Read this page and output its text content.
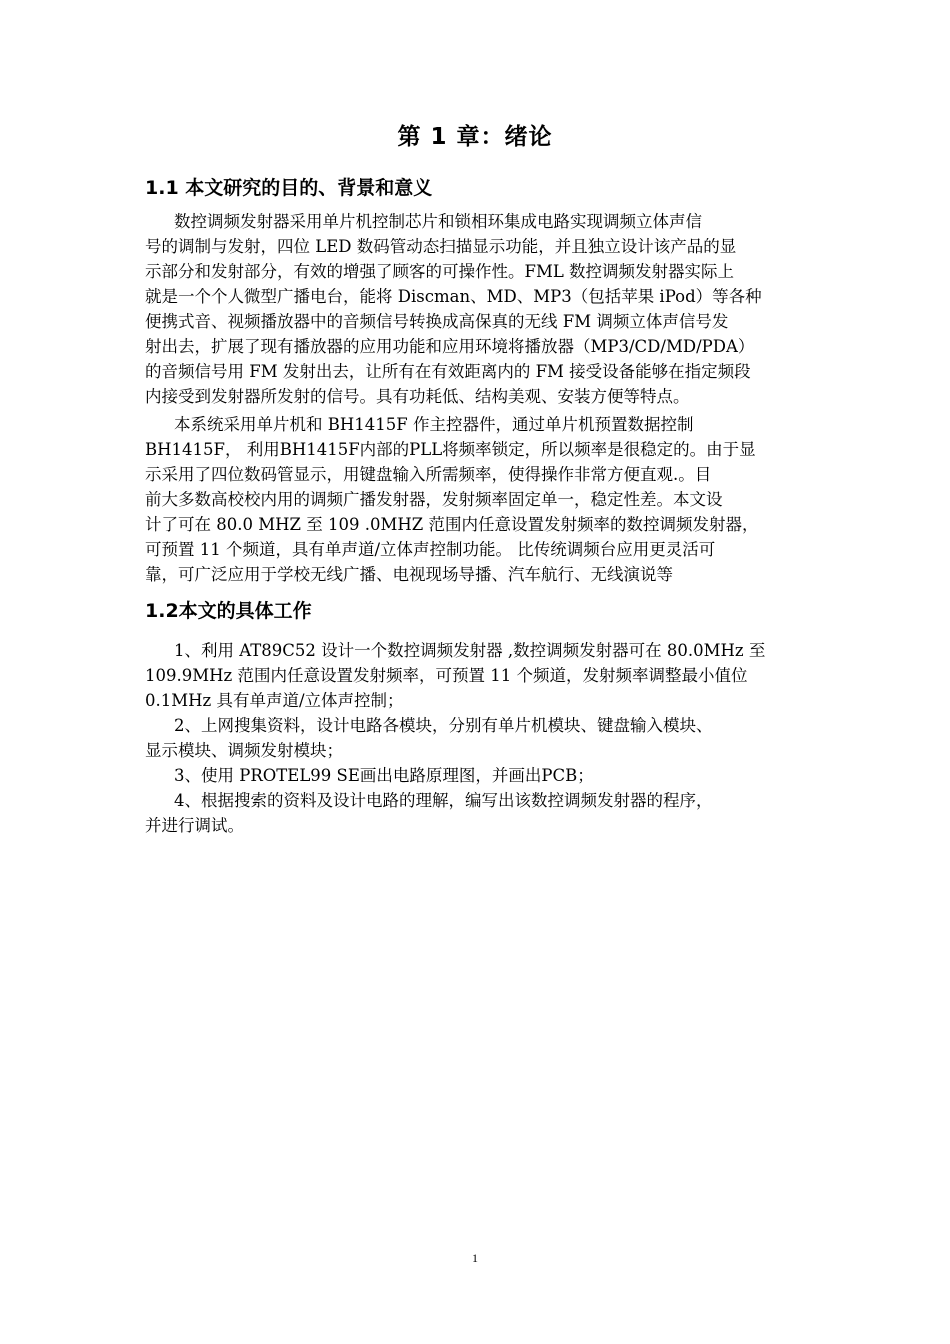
第 1 章：绪论
1.1 本文研究的目的、背景和意义
数控调频发射器采用单片机控制芯片和锁相环集成电路实现调频立体声信
号的调制与发射，四位 LED 数码管动态扫描显示功能，并且独立设计该产品的显
示部分和发射部分，有效的增强了顾客的可操作性。FML 数控调频发射器实际上
就是一个个人微型广播电台，能将 Discman、MD、MP3（包括苹果 iPod）等各种
便携式音、视频播放器中的音频信号转换成高保真的无线 FM 调频立体声信号发
射出去，扩展了现有播放器的应用功能和应用环境将播放器（MP3/CD/MD/PDA）
的音频信号用 FM 发射出去，让所有在有效距离内的 FM 接受设备能够在指定频段
内接受到发射器所发射的信号。具有功耗低、结构美观、安装方便等特点。
本系统采用单片机和 BH1415F 作主控器件，通过单片机预置数据控制
BH1415F， 利用BH1415F内部的PLL将频率锁定，所以频率是很稳定的。由于显
示采用了四位数码管显示，用键盘输入所需频率，使得操作非常方便直观.。目
前大多数高校校内用的调频广播发射器，发射频率固定单一，稳定性差。本文设
计了可在 80.0 MHZ 至 109 .0MHZ 范围内任意设置发射频率的数控调频发射器，
可预置 11 个频道，具有单声道/立体声控制功能。 比传统调频台应用更灵活可
靠，可广泛应用于学校无线广播、电视现场导播、汽车航行、无线演说等
1.2本文的具体工作
1、利用 AT89C52 设计一个数控调频发射器 ,数控调频发射器可在 80.0MHz 至
109.9MHz 范围内任意设置发射频率，可预置 11 个频道，发射频率调整最小值位
0.1MHz 具有单声道/立体声控制；
2、上网搜集资料，设计电路各模块，分别有单片机模块、键盘输入模块、
显示模块、调频发射模块；
3、使用 PROTEL99 SE画出电路原理图，并画出PCB；
4、根据搜索的资料及设计电路的理解，编写出该数控调频发射器的程序，
并进行调试。
1
